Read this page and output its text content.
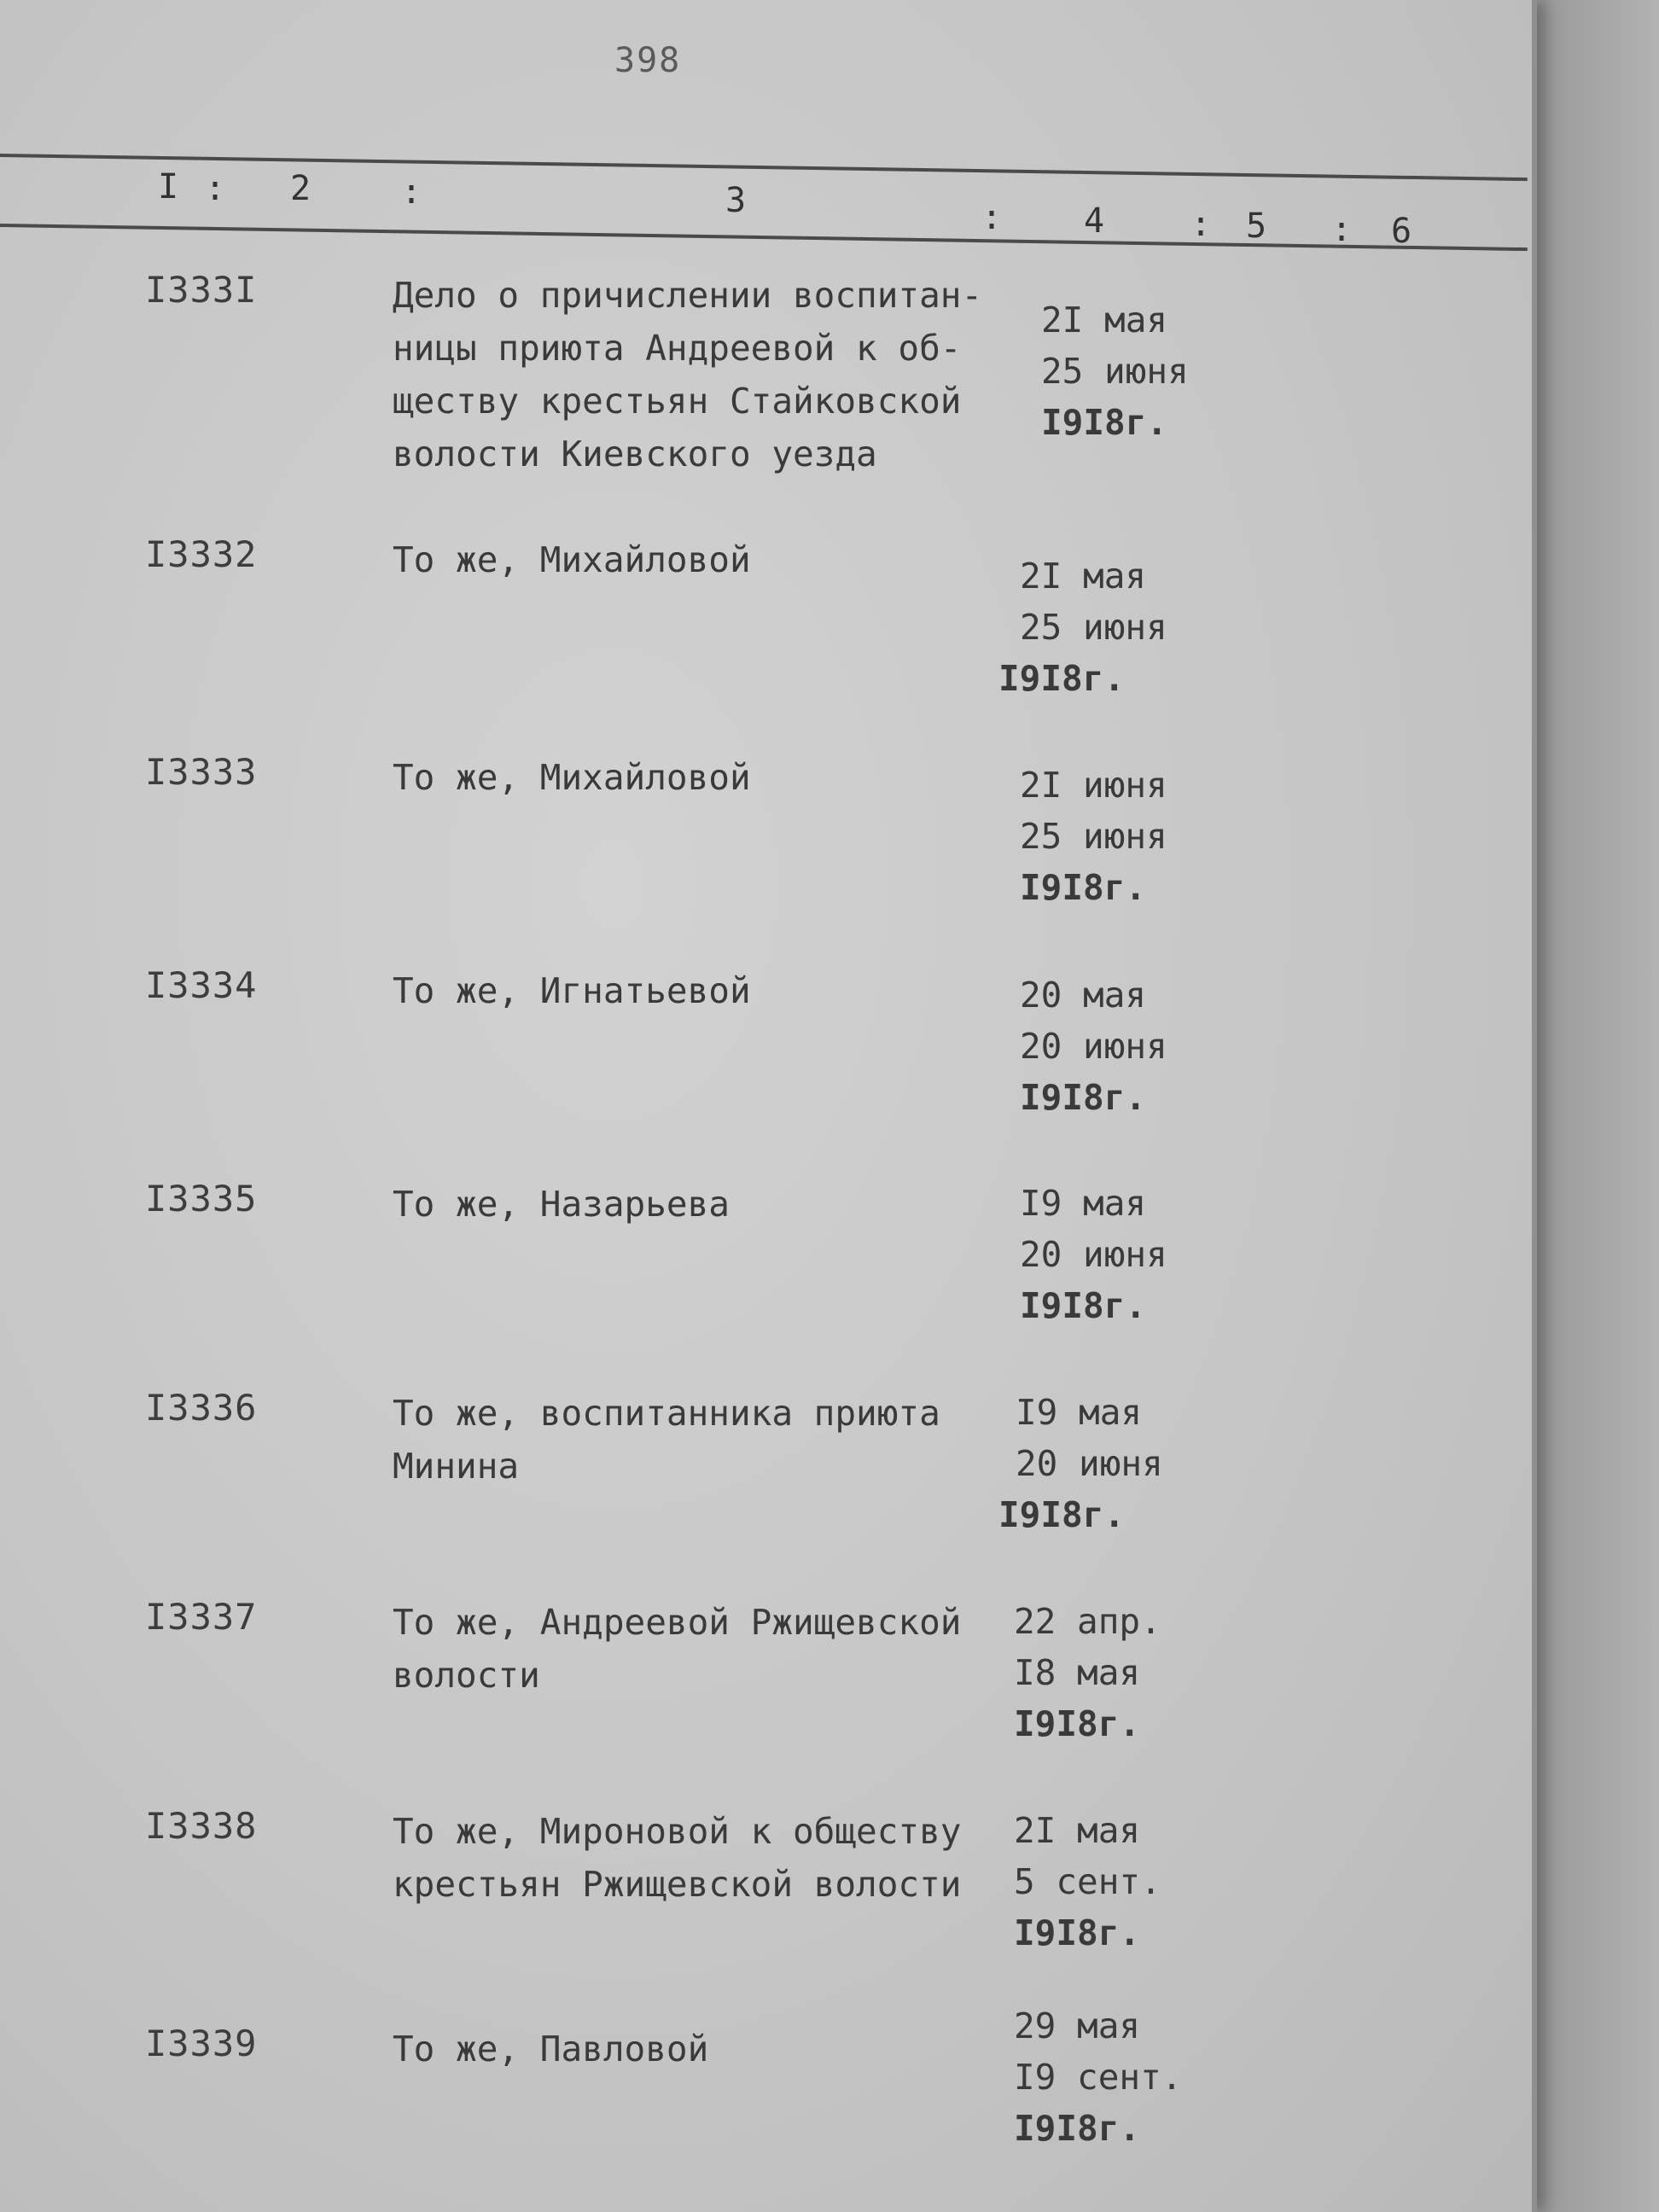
398
I : 2	:	3	: 4	: 5 : 6
I333I	Дело о причислении воспитан-
ницы приюта Андреевой к об-
ществу крестьян Стайковской
волости Киевского уезда
2I мая
25 июня
I9I8г.
I3332	То же, Михайловой	2I мая
25 июня
I9I8г.
I3333	То же, Михайловой	2I июня
25 июня
I9I8г.
I3334	То же, Игнатьевой	20 мая
20 июня
I9I8г.
I3335	То же, Назарьева	I9 мая
20 июня
I9I8г.
I3336	То же, воспитанника приюта
Минина
I9 мая
20 июня
I9I8г.
I3337	То же, Андреевой Ржищевской
волости
22 апр.
I8 мая
I9I8г.
I3338	То же, Мироновой к обществу
крестьян Ржищевской волости
2I мая
5 сент.
I9I8г.
I3339	То же, Павловой
29 мая
I9 сент.
I9I8г.
